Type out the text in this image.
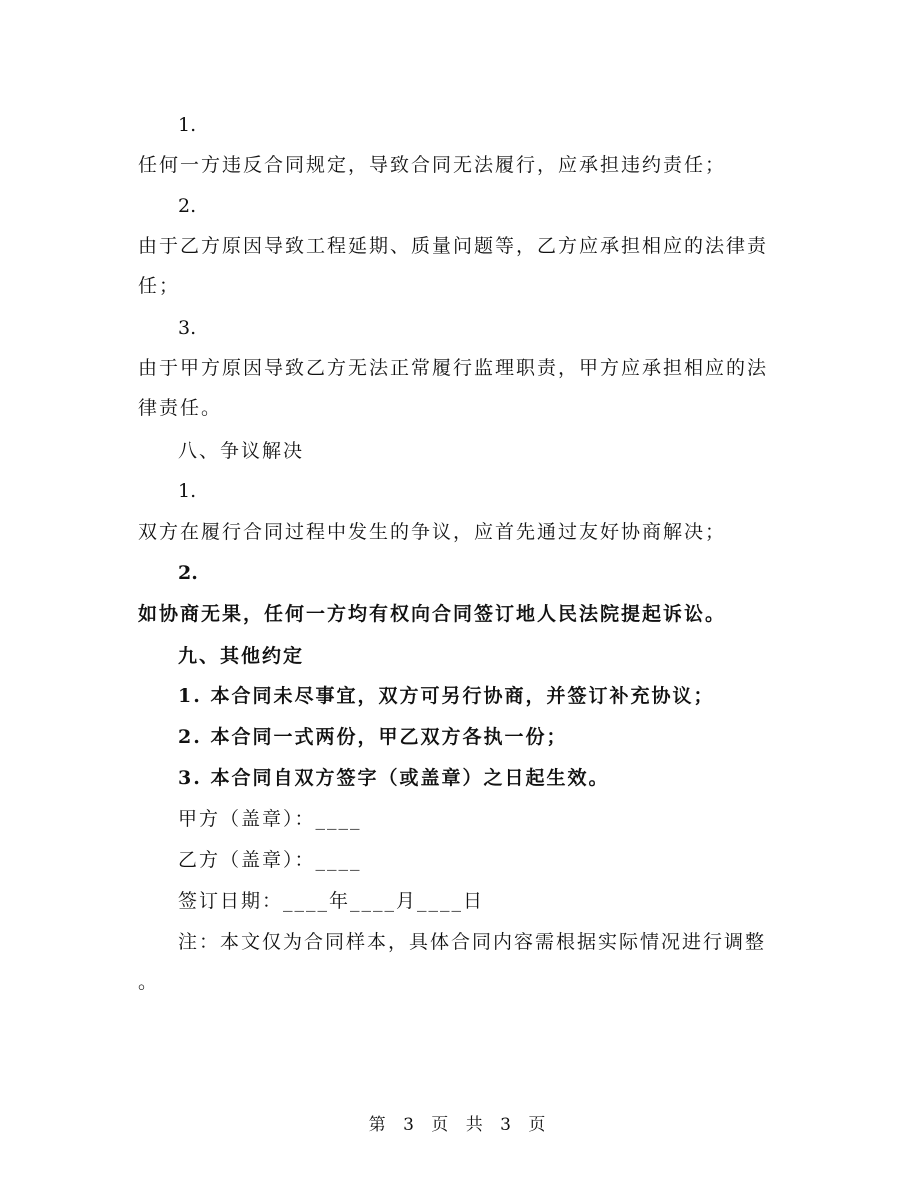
1.
任何一方违反合同规定，导致合同无法履行，应承担违约责任；
2.
由于乙方原因导致工程延期、质量问题等，乙方应承担相应的法律责
任；
3.
由于甲方原因导致乙方无法正常履行监理职责，甲方应承担相应的法
律责任。
八、争议解决
1.
双方在履行合同过程中发生的争议，应首先通过友好协商解决；
2.
如协商无果，任何一方均有权向合同签订地人民法院提起诉讼。
九、其他约定
1. 本合同未尽事宜，双方可另行协商，并签订补充协议；
2. 本合同一式两份，甲乙双方各执一份；
3. 本合同自双方签字（或盖章）之日起生效。
甲方（盖章）：____
乙方（盖章）：____
签订日期：____年____月____日
注：本文仅为合同样本，具体合同内容需根据实际情况进行调整
。
第 3 页 共 3 页
